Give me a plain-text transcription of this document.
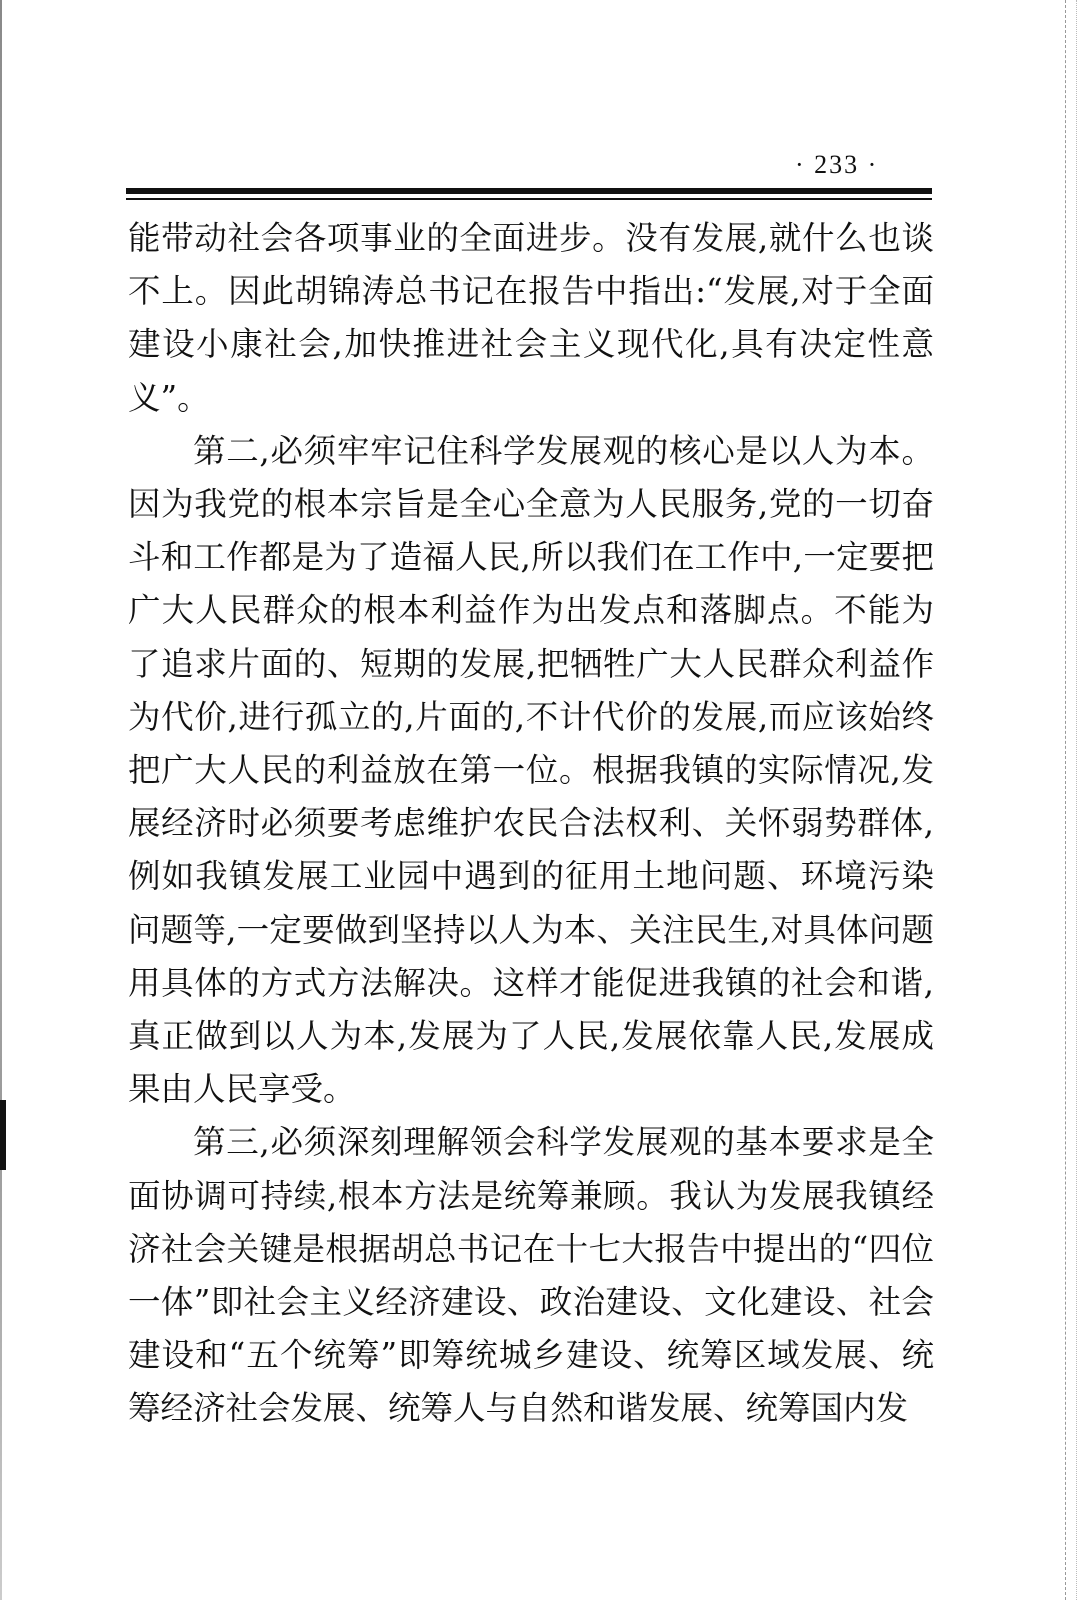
· 233 ·

能带动社会各项事业的全面进步。没有发展,就什么也谈不上。因此胡锦涛总书记在报告中指出:“发展,对于全面建设小康社会,加快推进社会主义现代化,具有决定性意义”。

第二,必须牢牢记住科学发展观的核心是以人为本。因为我党的根本宗旨是全心全意为人民服务,党的一切奋斗和工作都是为了造福人民,所以我们在工作中,一定要把广大人民群众的根本利益作为出发点和落脚点。不能为了追求片面的、短期的发展,把牺牲广大人民群众利益作为代价,进行孤立的,片面的,不计代价的发展,而应该始终把广大人民的利益放在第一位。根据我镇的实际情况,发展经济时必须要考虑维护农民合法权利、关怀弱势群体,例如我镇发展工业园中遇到的征用土地问题、环境污染问题等,一定要做到坚持以人为本、关注民生,对具体问题用具体的方式方法解决。这样才能促进我镇的社会和谐,真正做到以人为本,发展为了人民,发展依靠人民,发展成果由人民享受。

第三,必须深刻理解领会科学发展观的基本要求是全面协调可持续,根本方法是统筹兼顾。我认为发展我镇经济社会关键是根据胡总书记在十七大报告中提出的“四位一体”即社会主义经济建设、政治建设、文化建设、社会建设和“五个统筹”即筹统城乡建设、统筹区域发展、统筹经济社会发展、统筹人与自然和谐发展、统筹国内发
